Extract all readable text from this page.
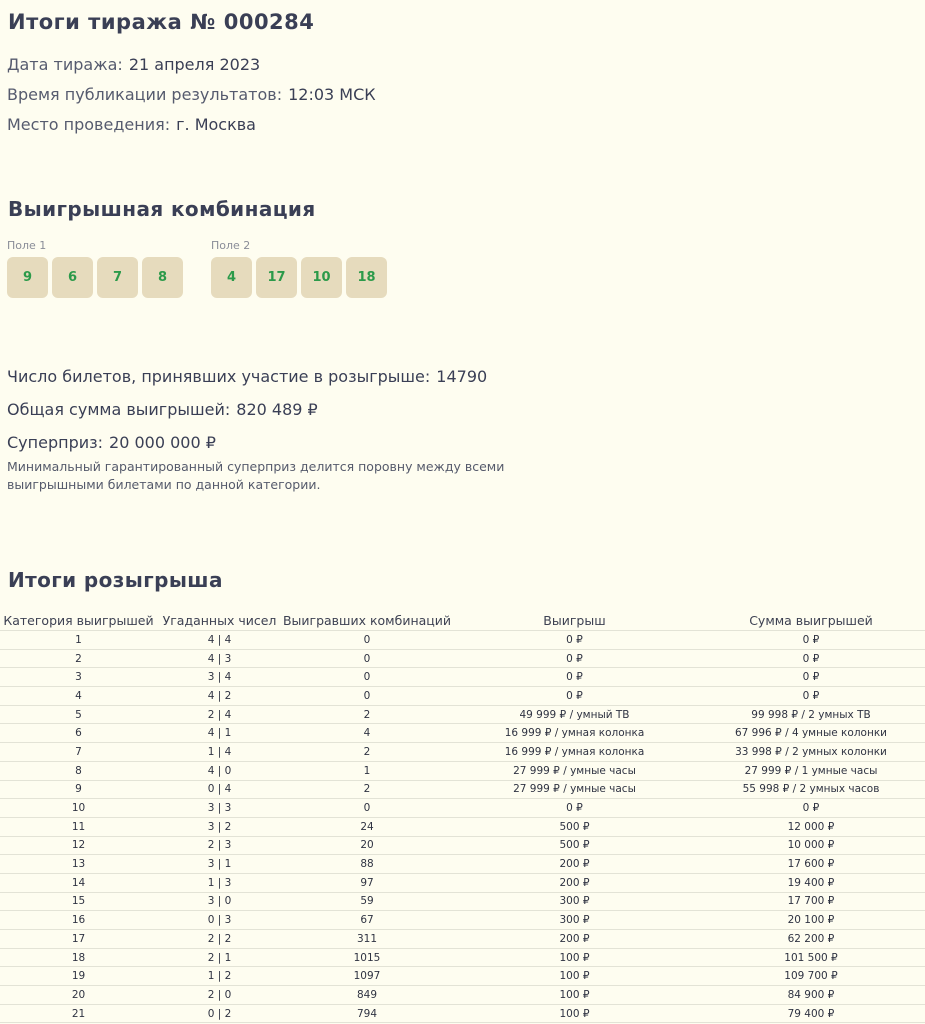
Итоги тиража № 000284
Дата тиража: 21 апреля 2023
Время публикации результатов: 12:03 МСК
Место проведения: г. Москва
Выигрышная комбинация
Поле 1
9	6	7	8
Поле 2
4	17	10	18
Число билетов, принявших участие в розыгрыше: 14790
Общая сумма выигрышей: 820 489 ₽
Суперприз: 20 000 000 ₽
Минимальный гарантированный суперприз делится поровну между всеми выигрышными билетами по данной категории.
Итоги розыгрыша
Категория выигрышей	Угаданных чисел	Выигравших комбинаций	Выигрыш	Сумма выигрышей
1	4 | 4	0	0 ₽	0 ₽
2	4 | 3	0	0 ₽	0 ₽
3	3 | 4	0	0 ₽	0 ₽
4	4 | 2	0	0 ₽	0 ₽
5	2 | 4	2	49 999 ₽ / умный ТВ	99 998 ₽ / 2 умных ТВ
6	4 | 1	4	16 999 ₽ / умная колонка	67 996 ₽ / 4 умные колонки
7	1 | 4	2	16 999 ₽ / умная колонка	33 998 ₽ / 2 умных колонки
8	4 | 0	1	27 999 ₽ / умные часы	27 999 ₽ / 1 умные часы
9	0 | 4	2	27 999 ₽ / умные часы	55 998 ₽ / 2 умных часов
10	3 | 3	0	0 ₽	0 ₽
11	3 | 2	24	500 ₽	12 000 ₽
12	2 | 3	20	500 ₽	10 000 ₽
13	3 | 1	88	200 ₽	17 600 ₽
14	1 | 3	97	200 ₽	19 400 ₽
15	3 | 0	59	300 ₽	17 700 ₽
16	0 | 3	67	300 ₽	20 100 ₽
17	2 | 2	311	200 ₽	62 200 ₽
18	2 | 1	1015	100 ₽	101 500 ₽
19	1 | 2	1097	100 ₽	109 700 ₽
20	2 | 0	849	100 ₽	84 900 ₽
21	0 | 2	794	100 ₽	79 400 ₽
